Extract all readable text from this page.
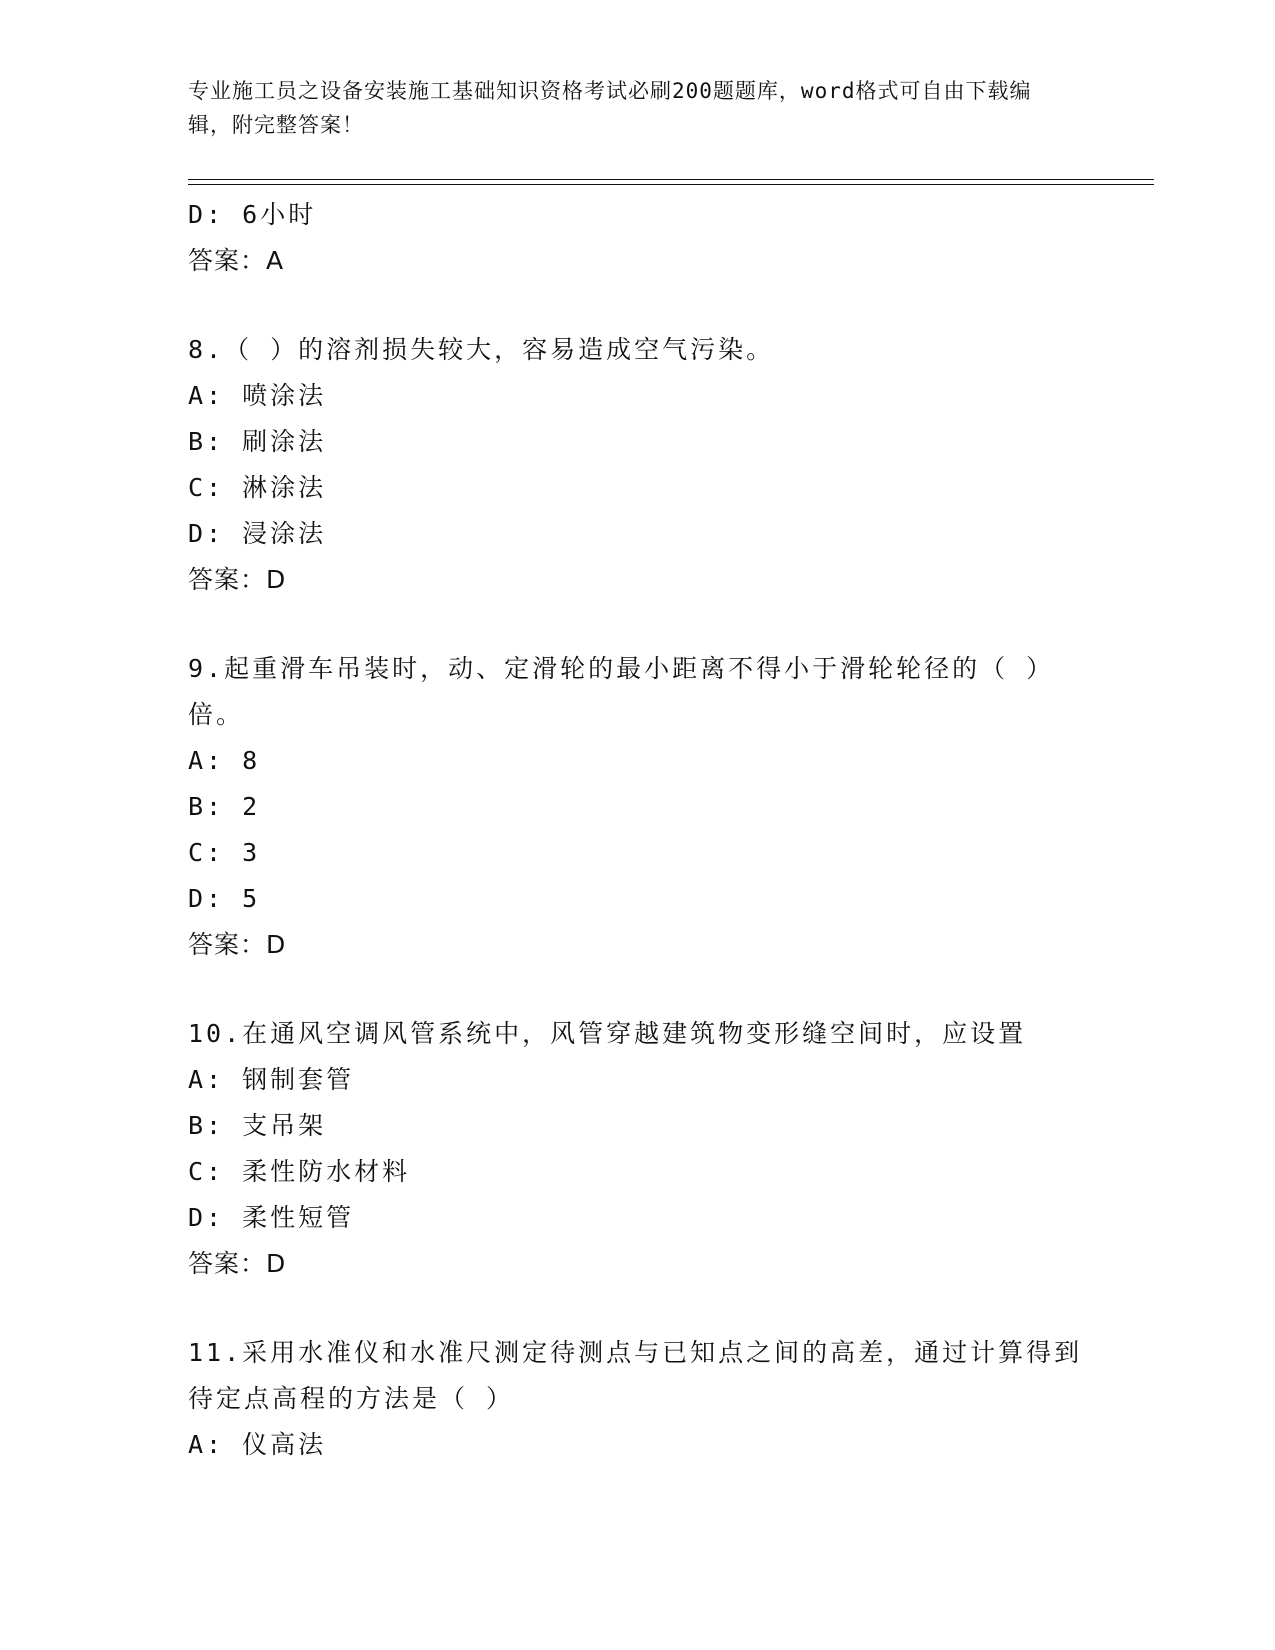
专业施工员之设备安装施工基础知识资格考试必刷200题题库，word格式可自由下载编辑，附完整答案！
D: 6小时
答案：A
8.（ ）的溶剂损失较大，容易造成空气污染。
A: 喷涂法
B: 刷涂法
C: 淋涂法
D: 浸涂法
答案：D
9.起重滑车吊装时，动、定滑轮的最小距离不得小于滑轮轮径的（ ）倍。
A: 8
B: 2
C: 3
D: 5
答案：D
10.在通风空调风管系统中，风管穿越建筑物变形缝空间时，应设置
A: 钢制套管
B: 支吊架
C: 柔性防水材料
D: 柔性短管
答案：D
11.采用水准仪和水准尺测定待测点与已知点之间的高差，通过计算得到待定点高程的方法是（ ）
A: 仪高法
